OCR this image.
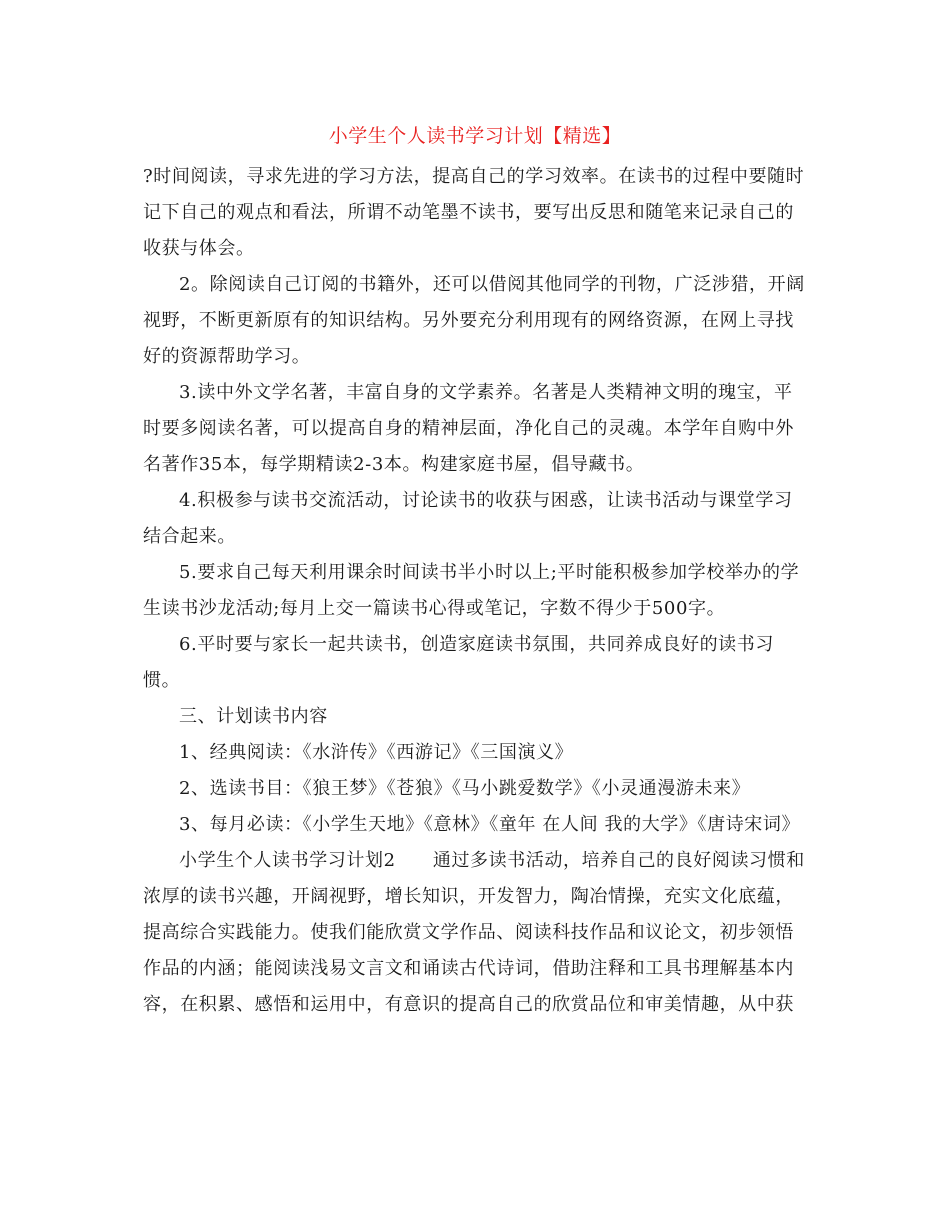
小学生个人读书学习计划【精选】

?时间阅读，寻求先进的学习方法，提高自己的学习效率。在读书的过程中要随时记下自己的观点和看法，所谓不动笔墨不读书，要写出反思和随笔来记录自己的收获与体会。

2。除阅读自己订阅的书籍外，还可以借阅其他同学的刊物，广泛涉猎，开阔视野，不断更新原有的知识结构。另外要充分利用现有的网络资源，在网上寻找好的资源帮助学习。

3.读中外文学名著，丰富自身的文学素养。名著是人类精神文明的瑰宝，平时要多阅读名著，可以提高自身的精神层面，净化自己的灵魂。本学年自购中外名著作35本，每学期精读2-3本。构建家庭书屋，倡导藏书。

4.积极参与读书交流活动，讨论读书的收获与困惑，让读书活动与课堂学习结合起来。

5.要求自己每天利用课余时间读书半小时以上;平时能积极参加学校举办的学生读书沙龙活动;每月上交一篇读书心得或笔记，字数不得少于500字。

6.平时要与家长一起共读书，创造家庭读书氛围，共同养成良好的读书习惯。

三、计划读书内容

1、经典阅读：《水浒传》《西游记》《三国演义》

2、选读书目：《狼王梦》《苍狼》《马小跳爱数学》《小灵通漫游未来》

3、每月必读：《小学生天地》《意林》《童年 在人间 我的大学》《唐诗宋词》

小学生个人读书学习计划2　　通过多读书活动，培养自己的良好阅读习惯和浓厚的读书兴趣，开阔视野，增长知识，开发智力，陶冶情操，充实文化底蕴，提高综合实践能力。使我们能欣赏文学作品、阅读科技作品和议论文，初步领悟作品的内涵；能阅读浅易文言文和诵读古代诗词，借助注释和工具书理解基本内容，在积累、感悟和运用中，有意识的提高自己的欣赏品位和审美情趣，从中获
